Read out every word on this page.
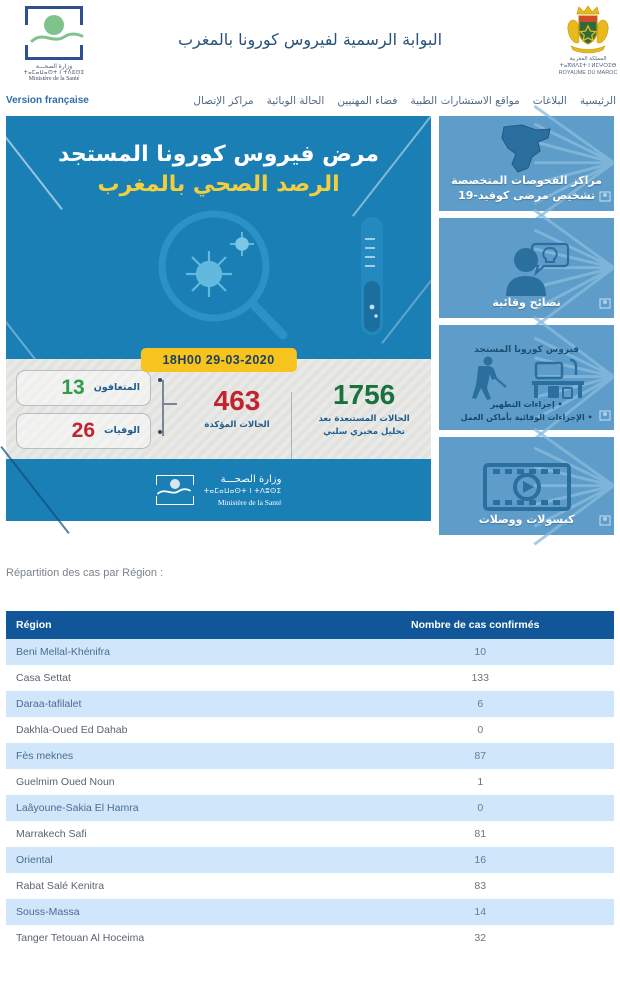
وزارة الصحـــة
ⵜⴰⵎⴰⵡⴰⵙⵜ ⵏ ⵜⴷⵓⵙⵉ
Ministère de la Santé
البوابة الرسمية لفيروس كورونا بالمغرب
المملكة المغربية
ⵜⴰⴳⵍⴷⵉⵜ ⵏ ⵍⵎⵖⵔⵉⴱ
ROYAUME DU MAROC
Version française	الرئيسية
البلاغات
مواقع الاستشارات الطبية
فضاء المهنيين
الحالة الوبائية
مراكز الإتصال
مرض فيروس كورونا المستجد
الرصد الصحي بالمغرب
18H00 29-03-2020
المتعافون
13
الوفيات
26
463
الحالات المؤكدة
1756
الحالات المستبعدة بعد
تحليل مخبري سلبي
وزارة الصحـــة
ⵜⴰⵎⴰⵡⴰⵙⵜ ⵏ ⵜⴷⵓⵙⵉ
Ministère de la Santé
مراكز الفحوصات المتخصصة
تشخيص مرضى كوفيد-19
نصائح وقائية
فيروس كورونا المستجد
• إجراءات التطهير
• الإجراءات الوقائية بأماكن العمل
كبسولات ووصلات
Répartition des cas par Région :
Région	Nombre de cas confirmés
Beni Mellal-Khénifra	10
Casa Settat	133
Daraa-tafilalet	6
Dakhla-Oued Ed Dahab	0
Fès meknes	87
Guelmim Oued Noun	1
Laâyoune-Sakia El Hamra	0
Marrakech Safi	81
Oriental	16
Rabat Salé Kenitra	83
Souss-Massa	14
Tanger Tetouan Al Hoceima	32
